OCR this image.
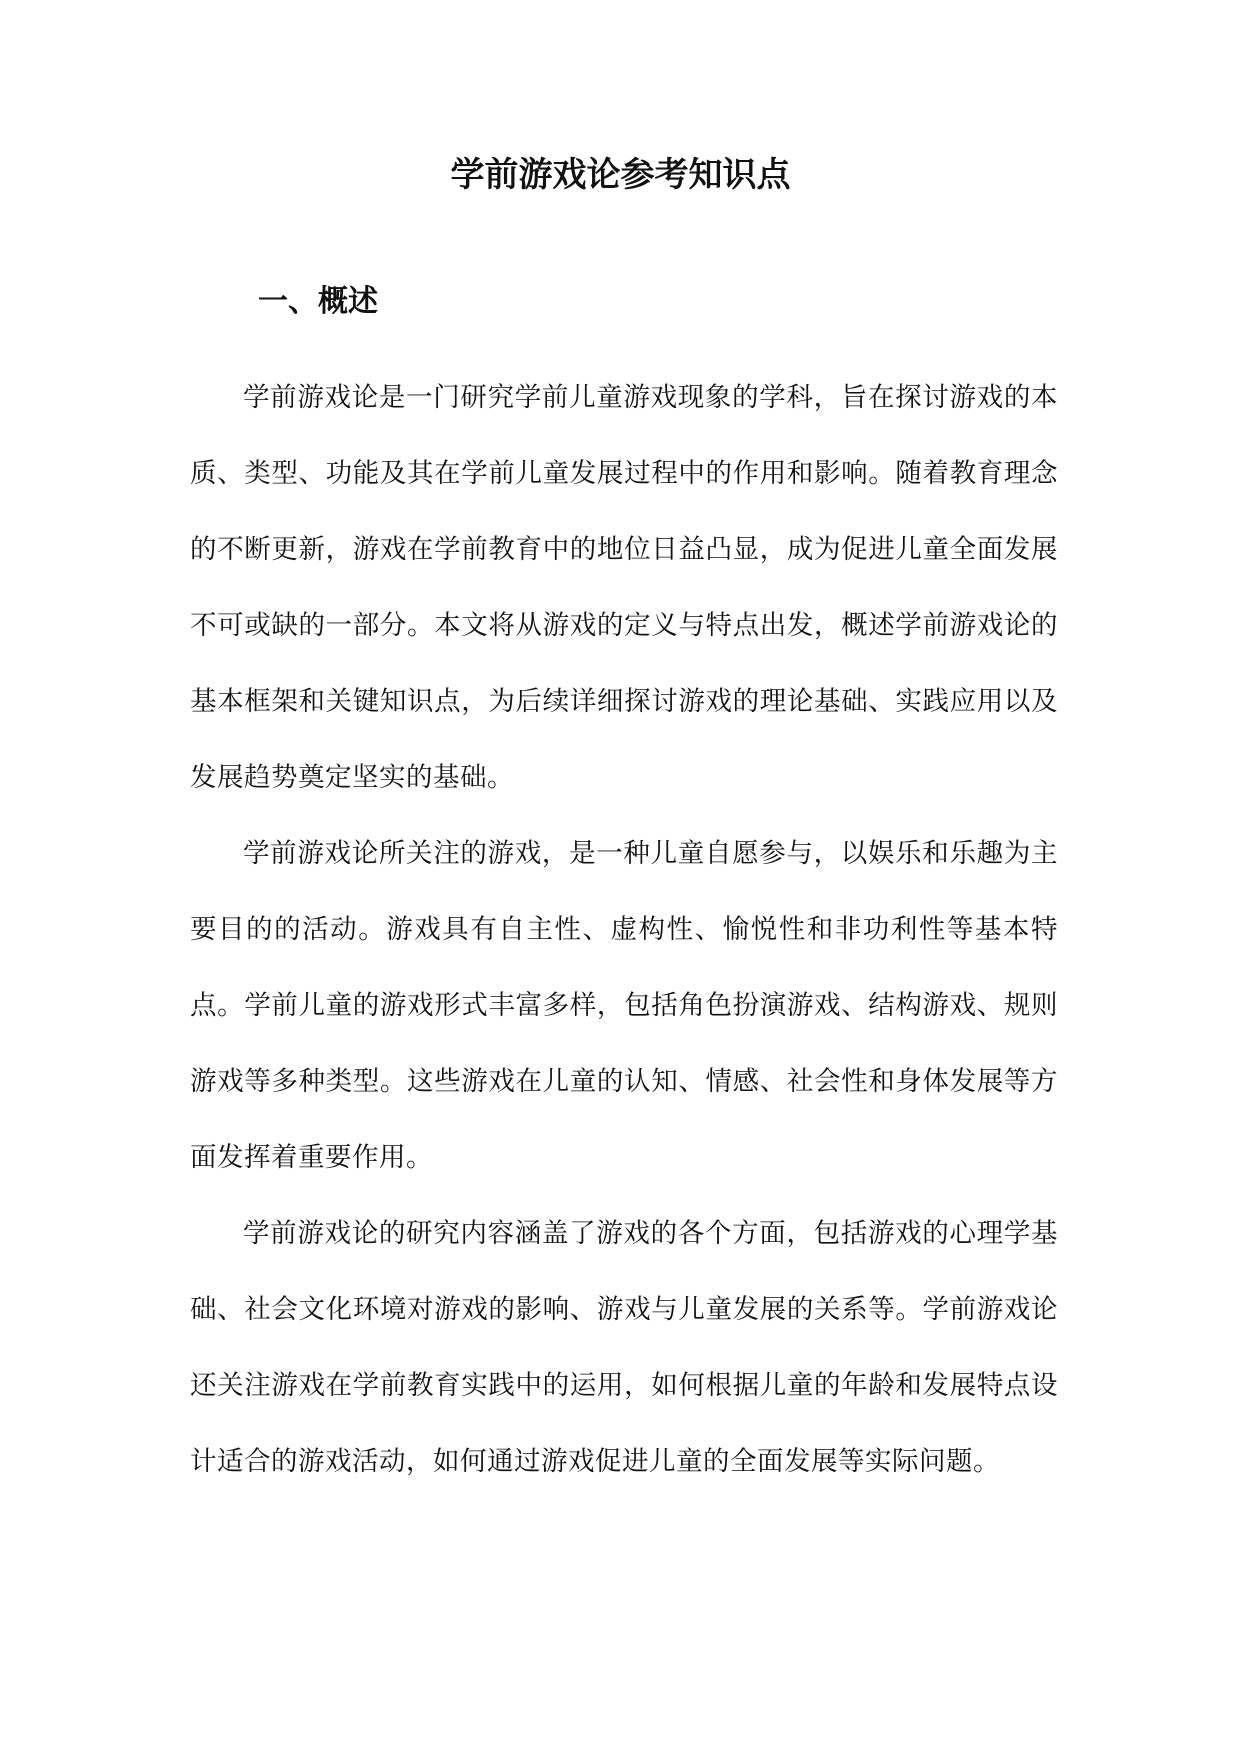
学前游戏论参考知识点
一、概述

学前游戏论是一门研究学前儿童游戏现象的学科，旨在探讨游戏的本质、类型、功能及其在学前儿童发展过程中的作用和影响。随着教育理念的不断更新，游戏在学前教育中的地位日益凸显，成为促进儿童全面发展不可或缺的一部分。本文将从游戏的定义与特点出发，概述学前游戏论的基本框架和关键知识点，为后续详细探讨游戏的理论基础、实践应用以及发展趋势奠定坚实的基础。

学前游戏论所关注的游戏，是一种儿童自愿参与，以娱乐和乐趣为主要目的的活动。游戏具有自主性、虚构性、愉悦性和非功利性等基本特点。学前儿童的游戏形式丰富多样，包括角色扮演游戏、结构游戏、规则游戏等多种类型。这些游戏在儿童的认知、情感、社会性和身体发展等方面发挥着重要作用。

学前游戏论的研究内容涵盖了游戏的各个方面，包括游戏的心理学基础、社会文化环境对游戏的影响、游戏与儿童发展的关系等。学前游戏论还关注游戏在学前教育实践中的运用，如何根据儿童的年龄和发展特点设计适合的游戏活动，如何通过游戏促进儿童的全面发展等实际问题。
